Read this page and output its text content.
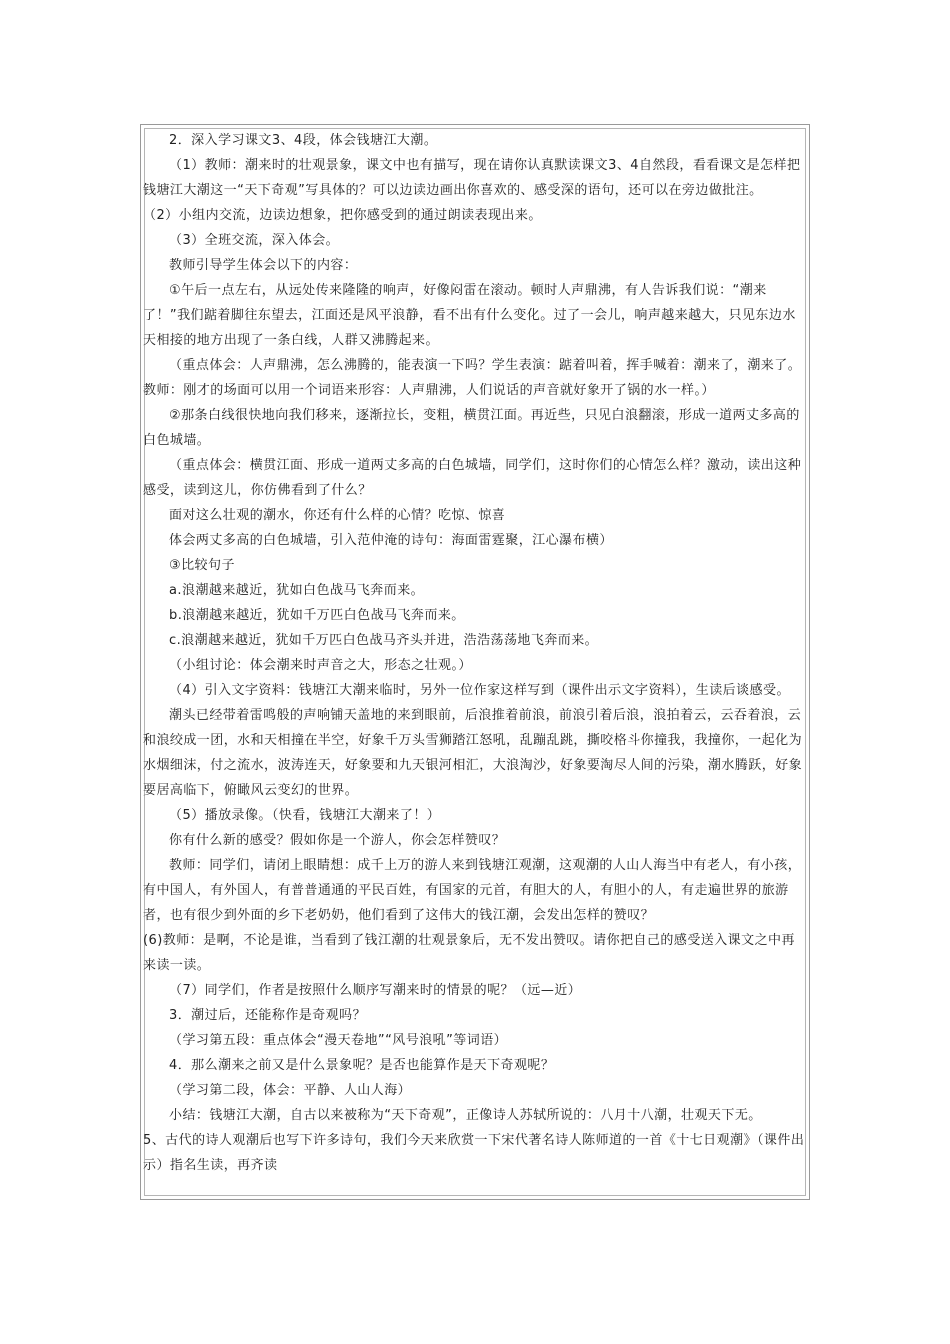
2．深入学习课文3、4段，体会钱塘江大潮。

（1）教师：潮来时的壮观景象，课文中也有描写，现在请你认真默读课文3、4自然段，看看课文是怎样把钱塘江大潮这一“天下奇观”写具体的？可以边读边画出你喜欢的、感受深的语句，还可以在旁边做批注。

（2）小组内交流，边读边想象，把你感受到的通过朗读表现出来。

（3）全班交流，深入体会。

教师引导学生体会以下的内容：

①午后一点左右，从远处传来隆隆的响声，好像闷雷在滚动。顿时人声鼎沸，有人告诉我们说：“潮来了！”我们踮着脚往东望去，江面还是风平浪静，看不出有什么变化。过了一会儿，响声越来越大，只见东边水天相接的地方出现了一条白线，人群又沸腾起来。

（重点体会：人声鼎沸，怎么沸腾的，能表演一下吗？学生表演：踮着叫着，挥手喊着：潮来了，潮来了。教师：刚才的场面可以用一个词语来形容：人声鼎沸，人们说话的声音就好象开了锅的水一样。）

②那条白线很快地向我们移来，逐渐拉长，变粗，横贯江面。再近些，只见白浪翻滚，形成一道两丈多高的白色城墙。

（重点体会：横贯江面、形成一道两丈多高的白色城墙，同学们，这时你们的心情怎么样？激动，读出这种感受，读到这儿，你仿佛看到了什么？

面对这么壮观的潮水，你还有什么样的心情？吃惊、惊喜

体会两丈多高的白色城墙，引入范仲淹的诗句：海面雷霆聚，江心瀑布横）

③比较句子

a.浪潮越来越近，犹如白色战马飞奔而来。

b.浪潮越来越近，犹如千万匹白色战马飞奔而来。

c.浪潮越来越近，犹如千万匹白色战马齐头并进，浩浩荡荡地飞奔而来。

（小组讨论：体会潮来时声音之大，形态之壮观。）

（4）引入文字资料：钱塘江大潮来临时，另外一位作家这样写到（课件出示文字资料），生读后谈感受。

潮头已经带着雷鸣般的声响铺天盖地的来到眼前，后浪推着前浪，前浪引着后浪，浪拍着云，云吞着浪，云和浪绞成一团，水和天相撞在半空，好象千万头雪狮踏江怒吼，乱蹦乱跳，撕咬格斗你撞我，我撞你，一起化为水烟细沫，付之流水，波涛连天，好象要和九天银河相汇，大浪淘沙，好象要淘尽人间的污染，潮水腾跃，好象要居高临下，俯瞰风云变幻的世界。

（5）播放录像。（快看，钱塘江大潮来了！）

你有什么新的感受？假如你是一个游人，你会怎样赞叹？

教师：同学们，请闭上眼睛想：成千上万的游人来到钱塘江观潮，这观潮的人山人海当中有老人，有小孩，有中国人，有外国人，有普普通通的平民百姓，有国家的元首，有胆大的人，有胆小的人，有走遍世界的旅游者，也有很少到外面的乡下老奶奶，他们看到了这伟大的钱江潮，会发出怎样的赞叹？

(6)教师：是啊，不论是谁，当看到了钱江潮的壮观景象后，无不发出赞叹。请你把自己的感受送入课文之中再来读一读。

（7）同学们，作者是按照什么顺序写潮来时的情景的呢？（远—近）

3．潮过后，还能称作是奇观吗？

（学习第五段：重点体会“漫天卷地”“风号浪吼”等词语）

4．那么潮来之前又是什么景象呢？是否也能算作是天下奇观呢？

（学习第二段，体会：平静、人山人海）

小结：钱塘江大潮，自古以来被称为“天下奇观”，正像诗人苏轼所说的：八月十八潮，壮观天下无。

5、古代的诗人观潮后也写下许多诗句，我们今天来欣赏一下宋代著名诗人陈师道的一首《十七日观潮》（课件出示）指名生读，再齐读
